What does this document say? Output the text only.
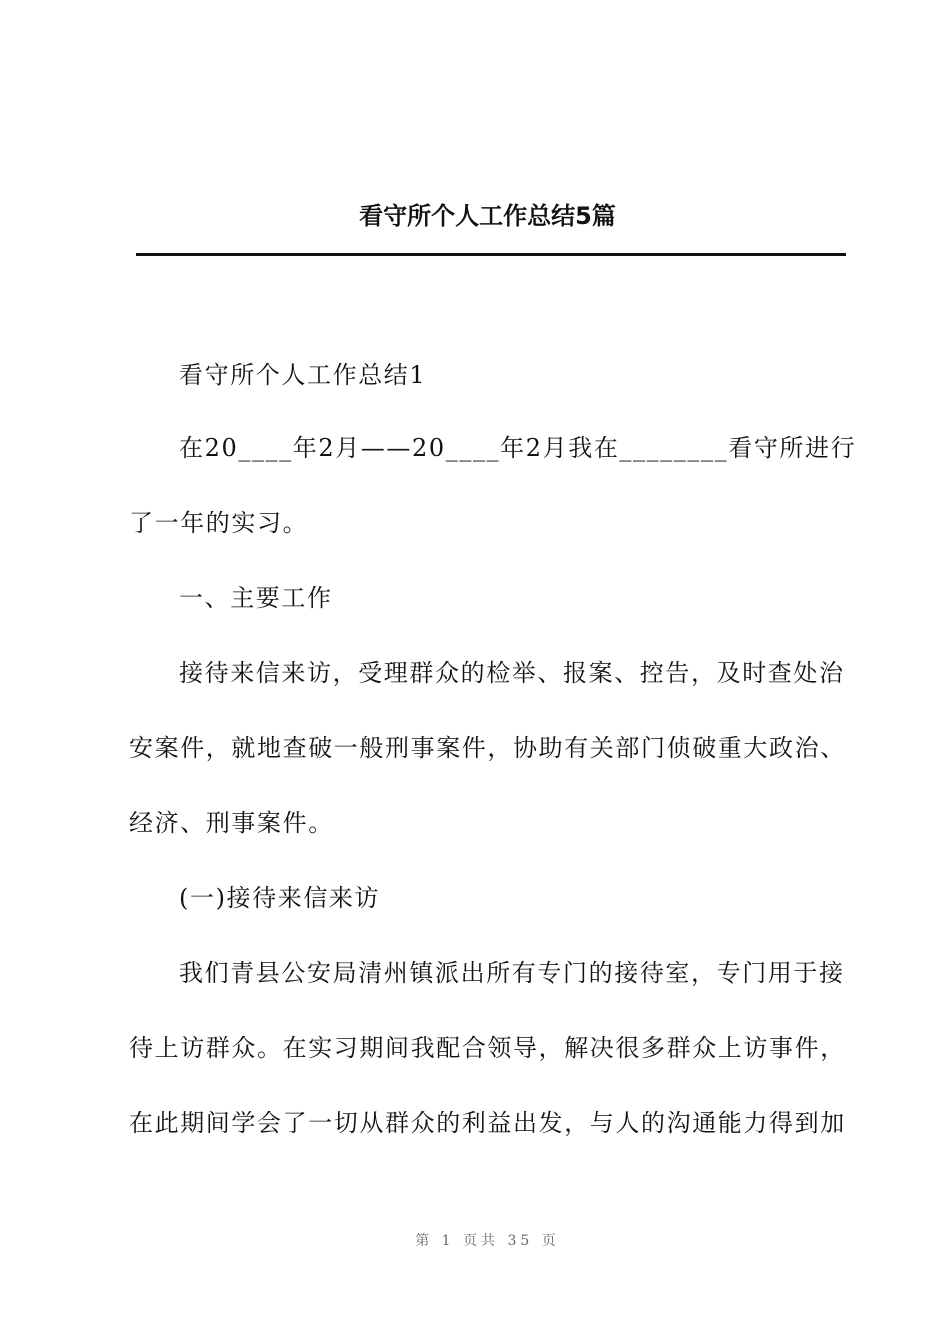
看守所个人工作总结5篇
看守所个人工作总结1
在20____年2月——20____年2月我在________看守所进行
了一年的实习。
一、主要工作
接待来信来访，受理群众的检举、报案、控告，及时查处治
安案件，就地查破一般刑事案件，协助有关部门侦破重大政治、
经济、刑事案件。
(一)接待来信来访
我们青县公安局清州镇派出所有专门的接待室，专门用于接
待上访群众。在实习期间我配合领导，解决很多群众上访事件，
在此期间学会了一切从群众的利益出发，与人的沟通能力得到加
第 1 页共 35 页
